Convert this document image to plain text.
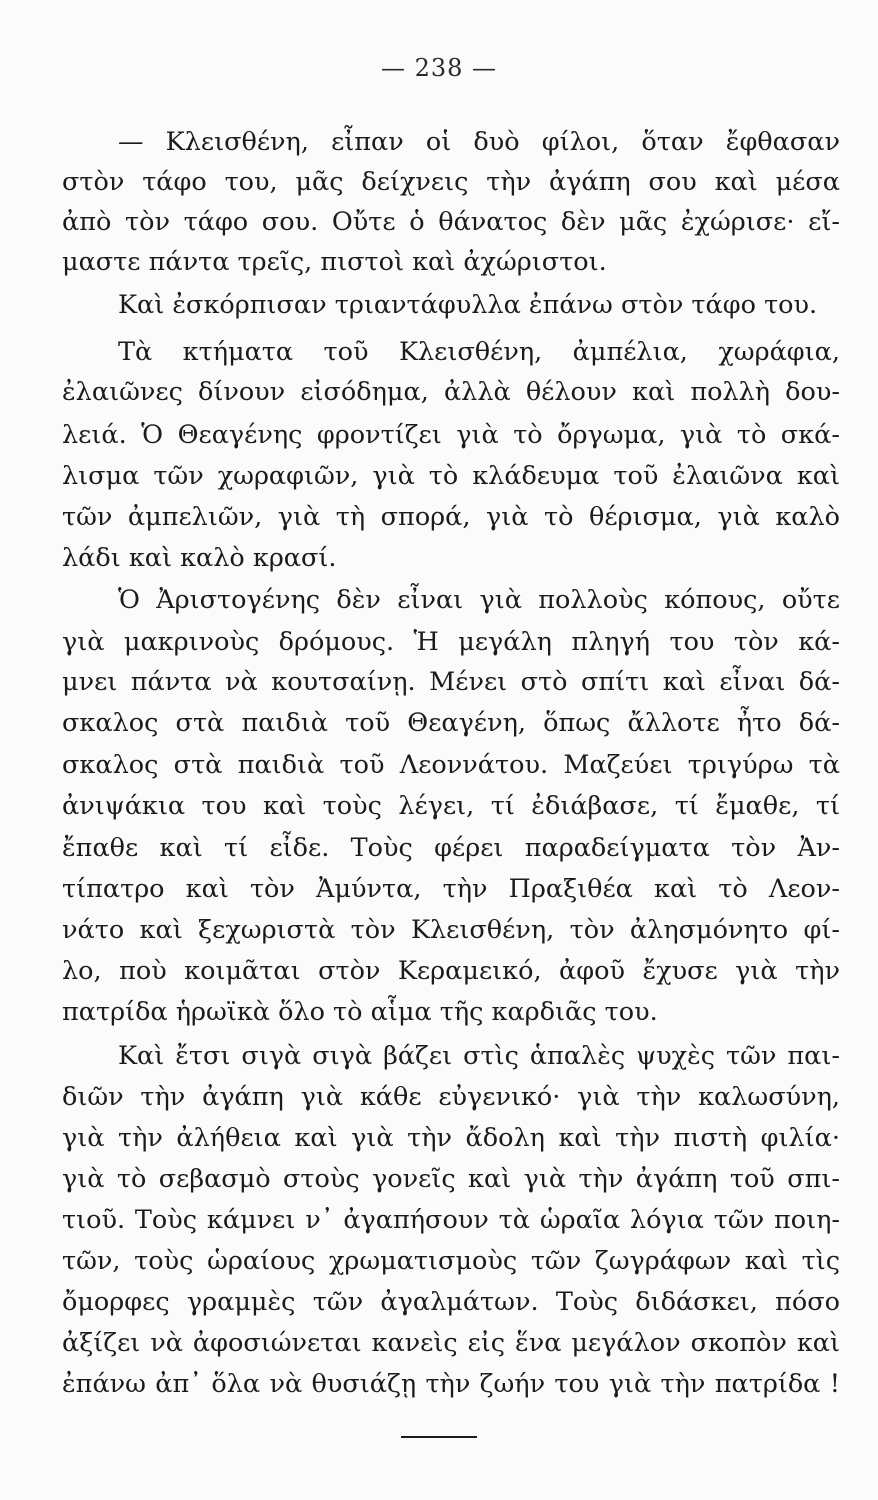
— 238 —
— Κλεισθένη, εἶπαν οἱ δυὸ φίλοι, ὅταν ἔφθασαν
στὸν τάφο του, μᾶς δείχνεις τὴν ἀγάπη σου καὶ μέσα
ἀπὸ τὸν τάφο σου. Οὔτε ὁ θάνατος δὲν μᾶς ἐχώρισε· εἴ-
μαστε πάντα τρεῖς, πιστοὶ καὶ ἀχώριστοι.
Καὶ ἐσκόρπισαν τριαντάφυλλα ἐπάνω στὸν τάφο του.
Τὰ κτήματα τοῦ Κλεισθένη, ἀμπέλια, χωράφια,
ἐλαιῶνες δίνουν εἰσόδημα, ἀλλὰ θέλουν καὶ πολλὴ δου-
λειά. Ὁ Θεαγένης φροντίζει γιὰ τὸ ὄργωμα, γιὰ τὸ σκά-
λισμα τῶν χωραφιῶν, γιὰ τὸ κλάδευμα τοῦ ἐλαιῶνα καὶ
τῶν ἀμπελιῶν, γιὰ τὴ σπορά, γιὰ τὸ θέρισμα, γιὰ καλὸ
λάδι καὶ καλὸ κρασί.
Ὁ Ἀριστογένης δὲν εἶναι γιὰ πολλοὺς κόπους, οὔτε
γιὰ μακρινοὺς δρόμους. Ἡ μεγάλη πληγή του τὸν κά-
μνει πάντα νὰ κουτσαίνῃ. Μένει στὸ σπίτι καὶ εἶναι δά-
σκαλος στὰ παιδιὰ τοῦ Θεαγένη, ὅπως ἄλλοτε ἦτο δά-
σκαλος στὰ παιδιὰ τοῦ Λεοννάτου. Μαζεύει τριγύρω τὰ
ἀνιψάκια του καὶ τοὺς λέγει, τί ἐδιάβασε, τί ἔμαθε, τί
ἔπαθε καὶ τί εἶδε. Τοὺς φέρει παραδείγματα τὸν Ἀν-
τίπατρο καὶ τὸν Ἀμύντα, τὴν Πραξιθέα καὶ τὸ Λεον-
νάτο καὶ ξεχωριστὰ τὸν Κλεισθένη, τὸν ἀλησμόνητο φί-
λο, ποὺ κοιμᾶται στὸν Κεραμεικό, ἀφοῦ ἔχυσε γιὰ τὴν
πατρίδα ἡρωϊκὰ ὅλο τὸ αἷμα τῆς καρδιᾶς του.
Καὶ ἔτσι σιγὰ σιγὰ βάζει στὶς ἁπαλὲς ψυχὲς τῶν παι-
διῶν τὴν ἀγάπη γιὰ κάθε εὐγενικό· γιὰ τὴν καλωσύνη,
γιὰ τὴν ἀλήθεια καὶ γιὰ τὴν ἄδολη καὶ τὴν πιστὴ φιλία·
γιὰ τὸ σεβασμὸ στοὺς γονεῖς καὶ γιὰ τὴν ἀγάπη τοῦ σπι-
τιοῦ. Τοὺς κάμνει ν᾽ ἀγαπήσουν τὰ ὡραῖα λόγια τῶν ποιη-
τῶν, τοὺς ὡραίους χρωματισμοὺς τῶν ζωγράφων καὶ τὶς
ὄμορφες γραμμὲς τῶν ἀγαλμάτων. Τοὺς διδάσκει, πόσο
ἀξίζει νὰ ἀφοσιώνεται κανεὶς εἰς ἕνα μεγάλον σκοπὸν καὶ
ἐπάνω ἀπ᾽ ὅλα νὰ θυσιάζῃ τὴν ζωήν του γιὰ τὴν πατρίδα !
